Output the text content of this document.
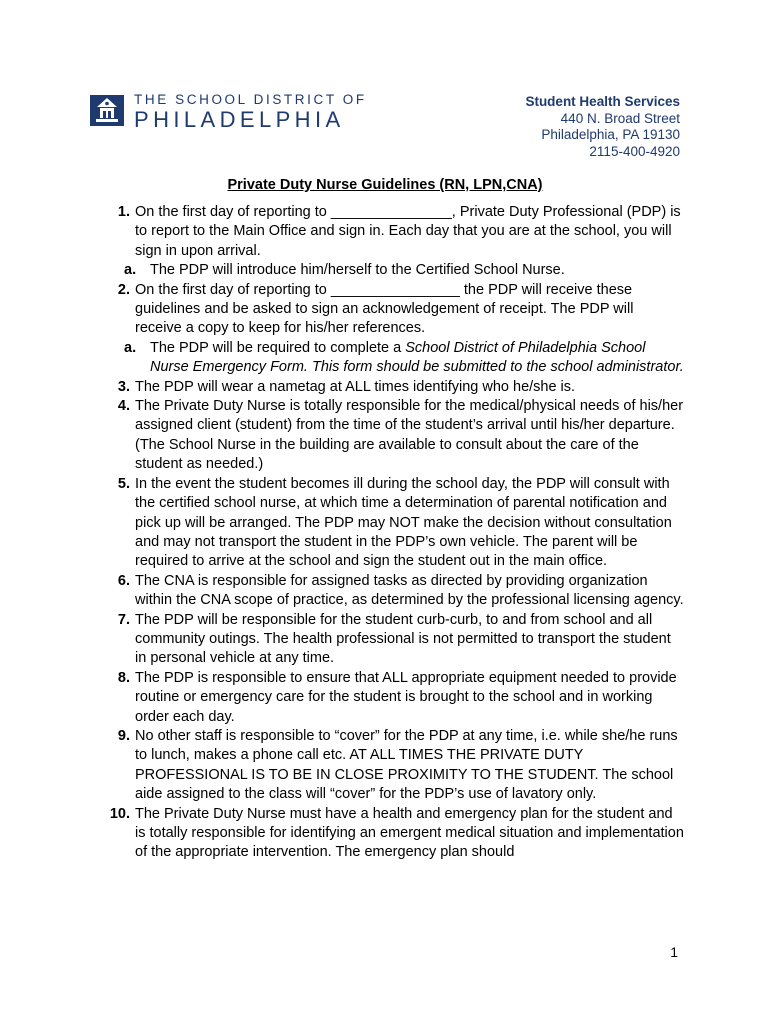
THE SCHOOL DISTRICT OF
PHILADELPHIA
Student Health Services
440 N. Broad Street
Philadelphia, PA 19130
2115-400-4920
Private Duty Nurse Guidelines (RN, LPN,CNA)
1. On the first day of reporting to _______________, Private Duty Professional (PDP) is to report to the Main Office and sign in. Each day that you are at the school, you will sign in upon arrival.
a. The PDP will introduce him/herself to the Certified School Nurse.
2. On the first day of reporting to ________________ the PDP will receive these guidelines and be asked to sign an acknowledgement of receipt. The PDP will receive a copy to keep for his/her references.
a. The PDP will be required to complete a School District of Philadelphia School Nurse Emergency Form. This form should be submitted to the school administrator.
3. The PDP will wear a nametag at ALL times identifying who he/she is.
4. The Private Duty Nurse is totally responsible for the medical/physical needs of his/her assigned client (student) from the time of the student’s arrival until his/her departure. (The School Nurse in the building are available to consult about the care of the student as needed.)
5. In the event the student becomes ill during the school day, the PDP will consult with the certified school nurse, at which time a determination of parental notification and pick up will be arranged. The PDP may NOT make the decision without consultation and may not transport the student in the PDP’s own vehicle. The parent will be required to arrive at the school and sign the student out in the main office.
6. The CNA is responsible for assigned tasks as directed by providing organization within the CNA scope of practice, as determined by the professional licensing agency.
7. The PDP will be responsible for the student curb-curb, to and from school and all community outings. The health professional is not permitted to transport the student in personal vehicle at any time.
8. The PDP is responsible to ensure that ALL appropriate equipment needed to provide routine or emergency care for the student is brought to the school and in working order each day.
9. No other staff is responsible to “cover” for the PDP at any time, i.e. while she/he runs to lunch, makes a phone call etc. AT ALL TIMES THE PRIVATE DUTY PROFESSIONAL IS TO BE IN CLOSE PROXIMITY TO THE STUDENT. The school aide assigned to the class will “cover” for the PDP’s use of lavatory only.
10. The Private Duty Nurse must have a health and emergency plan for the student and is totally responsible for identifying an emergent medical situation and implementation of the appropriate intervention. The emergency plan should
1
